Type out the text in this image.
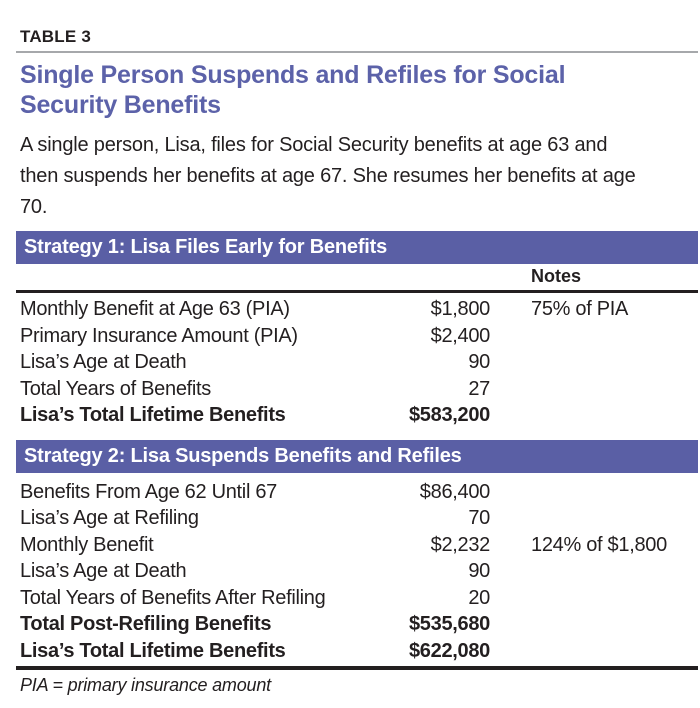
TABLE 3
Single Person Suspends and Refiles for Social
Security Benefits

A single person, Lisa, files for Social Security benefits at age 63 and
then suspends her benefits at age 67. She resumes her benefits at age
70.

Strategy 1: Lisa Files Early for Benefits
Notes
Monthly Benefit at Age 63 (PIA)	$1,800	75% of PIA
Primary Insurance Amount (PIA)	$2,400
Lisa’s Age at Death	90
Total Years of Benefits	27
Lisa’s Total Lifetime Benefits	$583,200
Strategy 2: Lisa Suspends Benefits and Refiles
Benefits From Age 62 Until 67	$86,400
Lisa’s Age at Refiling	70
Monthly Benefit	$2,232	124% of $1,800
Lisa’s Age at Death	90
Total Years of Benefits After Refiling	20
Total Post-Refiling Benefits	$535,680
Lisa’s Total Lifetime Benefits	$622,080
PIA = primary insurance amount
